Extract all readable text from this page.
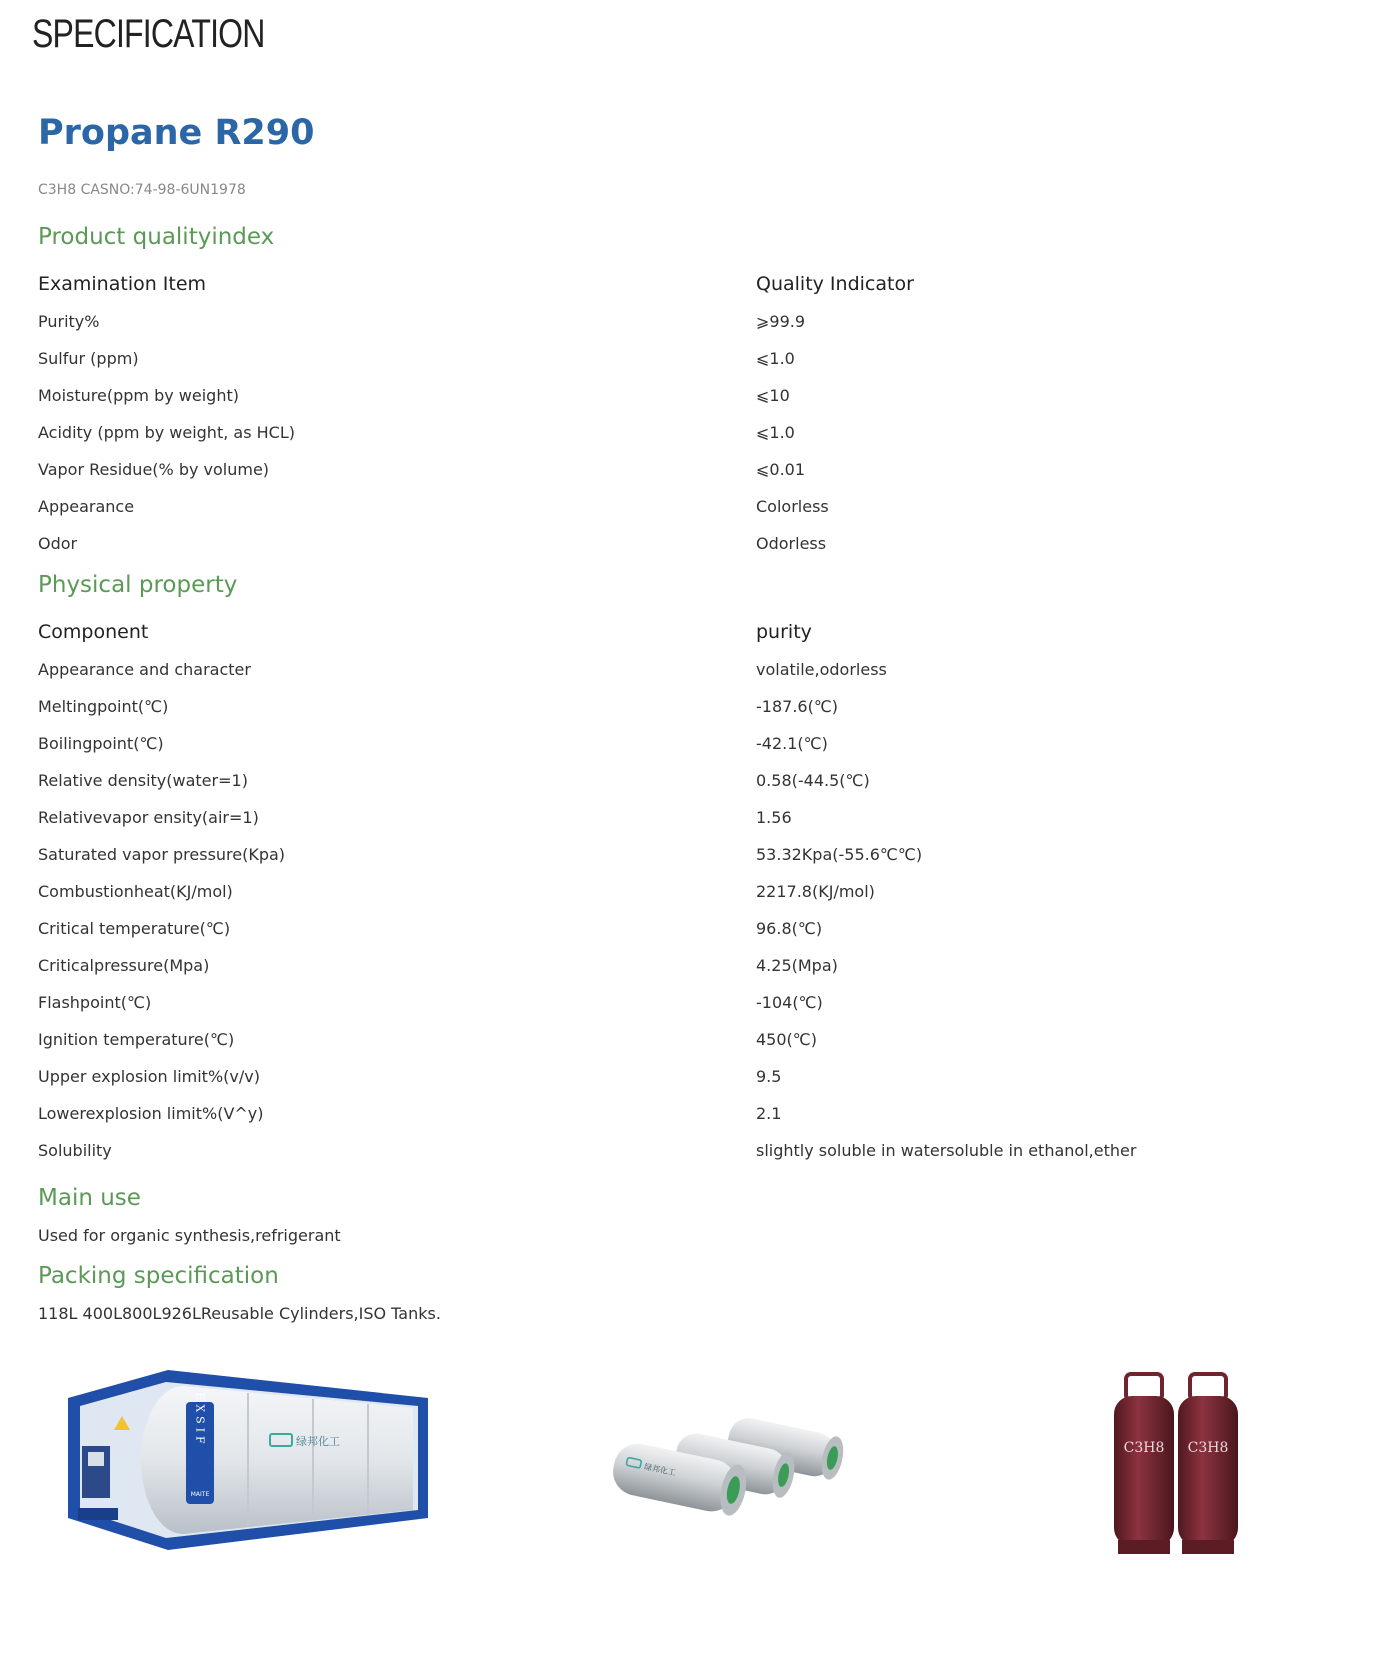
SPECIFICATION
Propane R290
C3H8 CASNO:74-98-6UN1978
Product qualityindex
Examination Item	Quality Indicator
Purity%	⩾99.9
Sulfur (ppm)	⩽1.0
Moisture(ppm by weight)	⩽10
Acidity (ppm by weight, as HCL)	⩽1.0
Vapor Residue(% by volume)	⩽0.01
Appearance	Colorless
Odor	Odorless
Physical property
Component	purity
Appearance and character	volatile,odorless
Meltingpoint(℃)	-187.6(℃)
Boilingpoint(℃)	-42.1(℃)
Relative density(water=1)	0.58(-44.5(℃)
Relativevapor ensity(air=1)	1.56
Saturated vapor pressure(Kpa)	53.32Kpa(-55.6℃℃)
Combustionheat(KJ/mol)	2217.8(KJ/mol)
Critical temperature(℃)	96.8(℃)
Criticalpressure(Mpa)	4.25(Mpa)
Flashpoint(℃)	-104(℃)
Ignition temperature(℃)	450(℃)
Upper explosion limit%(v/v)	9.5
Lowerexplosion limit%(V^y)	2.1
Solubility	slightly soluble in watersoluble in ethanol,ether
Main use
Used for organic synthesis,refrigerant
Packing specification
118L 400L800L926LReusable Cylinders,ISO Tanks.
EXSIF
MAITE
绿邦化工
绿邦化工
C3H8 C3H8
